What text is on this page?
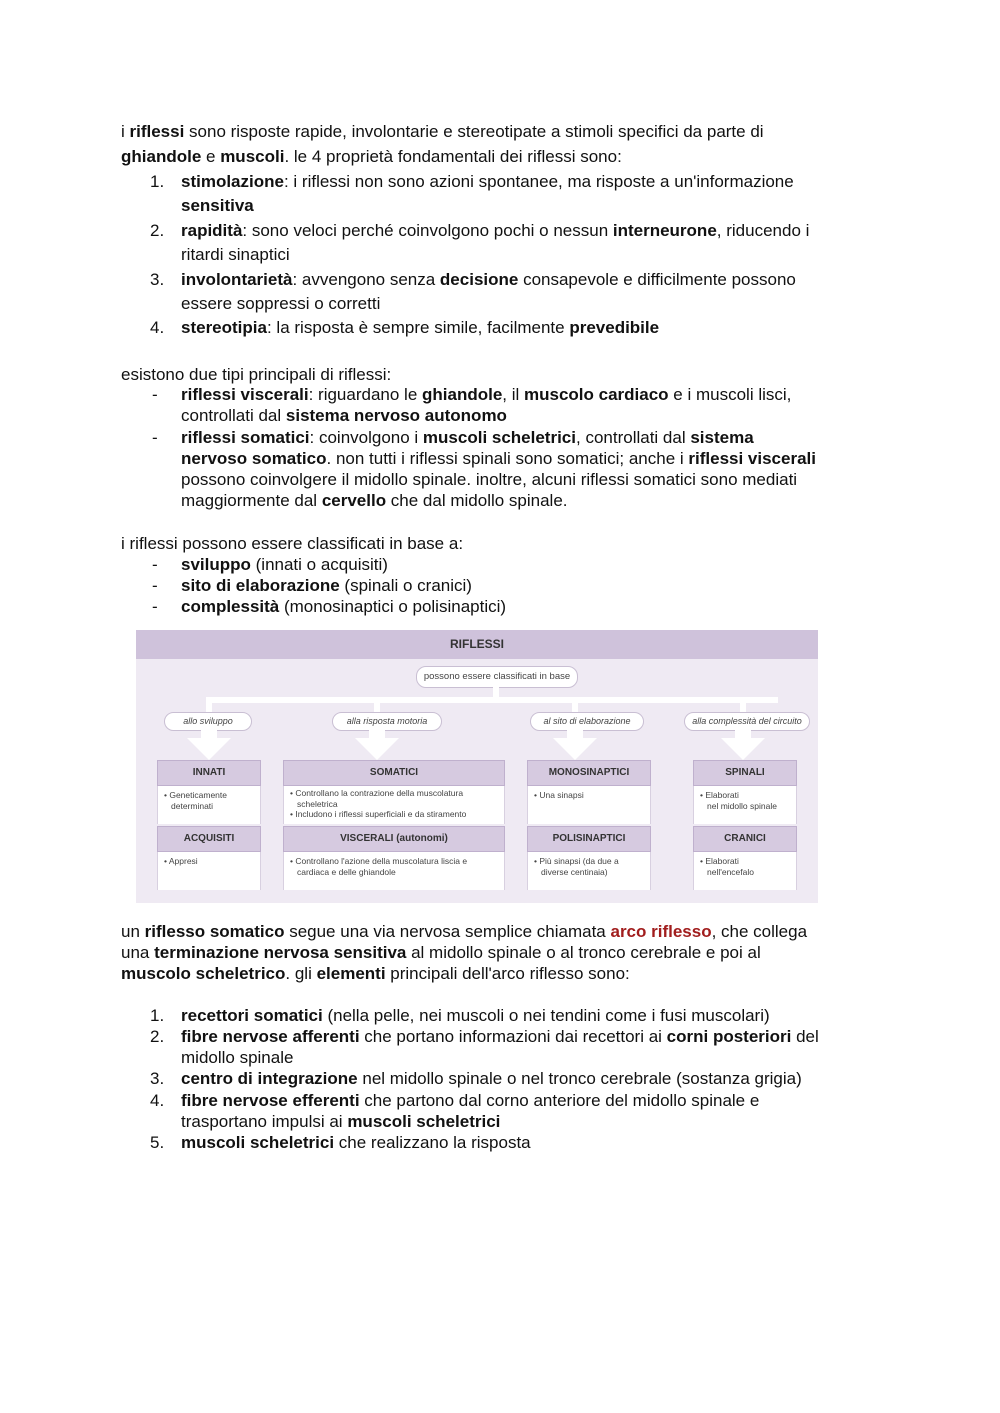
i riflessi sono risposte rapide, involontarie e stereotipate a stimoli specifici da parte di
ghiandole e muscoli. le 4 proprietà fondamentali dei riflessi sono:
1. stimolazione: i riflessi non sono azioni spontanee, ma risposte a un'informazione
sensitiva
2. rapidità: sono veloci perché coinvolgono pochi o nessun interneurone, riducendo i
ritardi sinaptici
3. involontarietà: avvengono senza decisione consapevole e difficilmente possono
essere soppressi o corretti
4. stereotipia: la risposta è sempre simile, facilmente prevedibile
esistono due tipi principali di riflessi:
- riflessi viscerali: riguardano le ghiandole, il muscolo cardiaco e i muscoli lisci,
controllati dal sistema nervoso autonomo
- riflessi somatici: coinvolgono i muscoli scheletrici, controllati dal sistema
nervoso somatico. non tutti i riflessi spinali sono somatici; anche i riflessi viscerali
possono coinvolgere il midollo spinale. inoltre, alcuni riflessi somatici sono mediati
maggiormente dal cervello che dal midollo spinale.
i riflessi possono essere classificati in base a:
- sviluppo (innati o acquisiti)
- sito di elaborazione (spinali o cranici)
- complessità (monosinaptici o polisinaptici)
un riflesso somatico segue una via nervosa semplice chiamata arco riflesso, che collega
una terminazione nervosa sensitiva al midollo spinale o al tronco cerebrale e poi al
muscolo scheletrico. gli elementi principali dell'arco riflesso sono:
1. recettori somatici (nella pelle, nei muscoli o nei tendini come i fusi muscolari)
2. fibre nervose afferenti che portano informazioni dai recettori ai corni posteriori del
midollo spinale
3. centro di integrazione nel midollo spinale o nel tronco cerebrale (sostanza grigia)
4. fibre nervose efferenti che partono dal corno anteriore del midollo spinale e
trasportano impulsi ai muscoli scheletrici
5. muscoli scheletrici che realizzano la risposta
RIFLESSI
possono essere classificati in base
allo sviluppo	alla risposta motoria	al sito di elaborazione	alla complessità del circuito
INNATI
• Geneticamente
determinati
ACQUISITI
• Appresi
SOMATICI
• Controllano la contrazione della muscolatura
scheletrica
• Includono i riflessi superficiali e da stiramento
VISCERALI (autonomi)
• Controllano l'azione della muscolatura liscia e
cardiaca e delle ghiandole
MONOSINAPTICI
• Una sinapsi
POLISINAPTICI
• Più sinapsi (da due a
diverse centinaia)
SPINALI
• Elaborati
nel midollo spinale
CRANICI
• Elaborati
nell'encefalo
